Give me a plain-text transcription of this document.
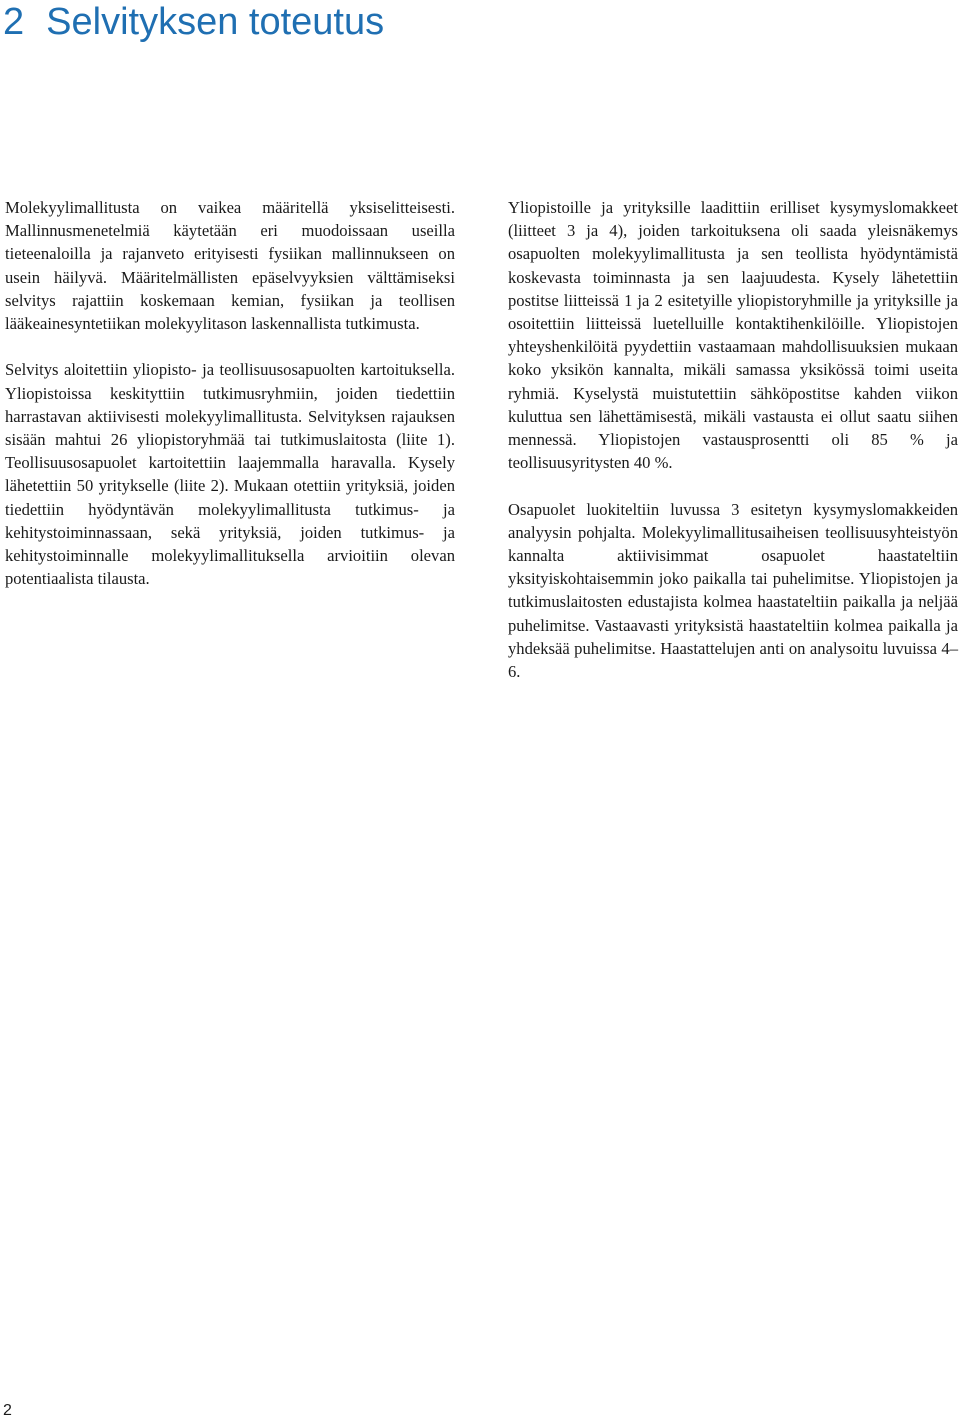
2 Selvityksen toteutus

Molekyylimallitusta on vaikea määritellä yksiselitteisesti. Mallinnusmenetelmiä käytetään eri muodoissaan useilla tieteenaloilla ja rajanveto erityisesti fysiikan mallinnukseen on usein häilyvä. Määritelmällisten epäselvyyksien välttämiseksi selvitys rajattiin koskemaan kemian, fysiikan ja teollisen lääkeainesyntetiikan molekyylitason laskennallista tutkimusta.

Selvitys aloitettiin yliopisto- ja teollisuusosapuolten kartoituksella. Yliopistoissa keskityttiin tutkimusryhmiin, joiden tiedettiin harrastavan aktiivisesti molekyylimallitusta. Selvityksen rajauksen sisään mahtui 26 yliopistoryhmää tai tutkimuslaitosta (liite 1). Teollisuusosapuolet kartoitettiin laajemmalla haravalla. Kysely lähetettiin 50 yritykselle (liite 2). Mukaan otettiin yrityksiä, joiden tiedettiin hyödyntävän molekyylimallitusta tutkimus- ja kehitystoiminnassaan, sekä yrityksiä, joiden tutkimus- ja kehitystoiminnalle molekyylimallituksella arvioitiin olevan potentiaalista tilausta.

Yliopistoille ja yrityksille laadittiin erilliset kysymyslomakkeet (liitteet 3 ja 4), joiden tarkoituksena oli saada yleisnäkemys osapuolten molekyylimallitusta ja sen teollista hyödyntämistä koskevasta toiminnasta ja sen laajuudesta. Kysely lähetettiin postitse liitteissä 1 ja 2 esitetyille yliopistoryhmille ja yrityksille ja osoitettiin liitteissä luetelluille kontaktihenkilöille. Yliopistojen yhteyshenkilöitä pyydettiin vastaamaan mahdollisuuksien mukaan koko yksikön kannalta, mikäli samassa yksikössä toimi useita ryhmiä. Kyselystä muistutettiin sähköpostitse kahden viikon kuluttua sen lähettämisestä, mikäli vastausta ei ollut saatu siihen mennessä. Yliopistojen vastausprosentti oli 85 % ja teollisuusyritysten 40 %.

Osapuolet luokiteltiin luvussa 3 esitetyn kysymyslomakkeiden analyysin pohjalta. Molekyylimallitusaiheisen teollisuusyhteistyön kannalta aktiivisimmat osapuolet haastateltiin yksityiskohtaisemmin joko paikalla tai puhelimitse. Yliopistojen ja tutkimuslaitosten edustajista kolmea haastateltiin paikalla ja neljää puhelimitse. Vastaavasti yrityksistä haastateltiin kolmea paikalla ja yhdeksää puhelimitse. Haastattelujen anti on analysoitu luvuissa 4–6.

2
